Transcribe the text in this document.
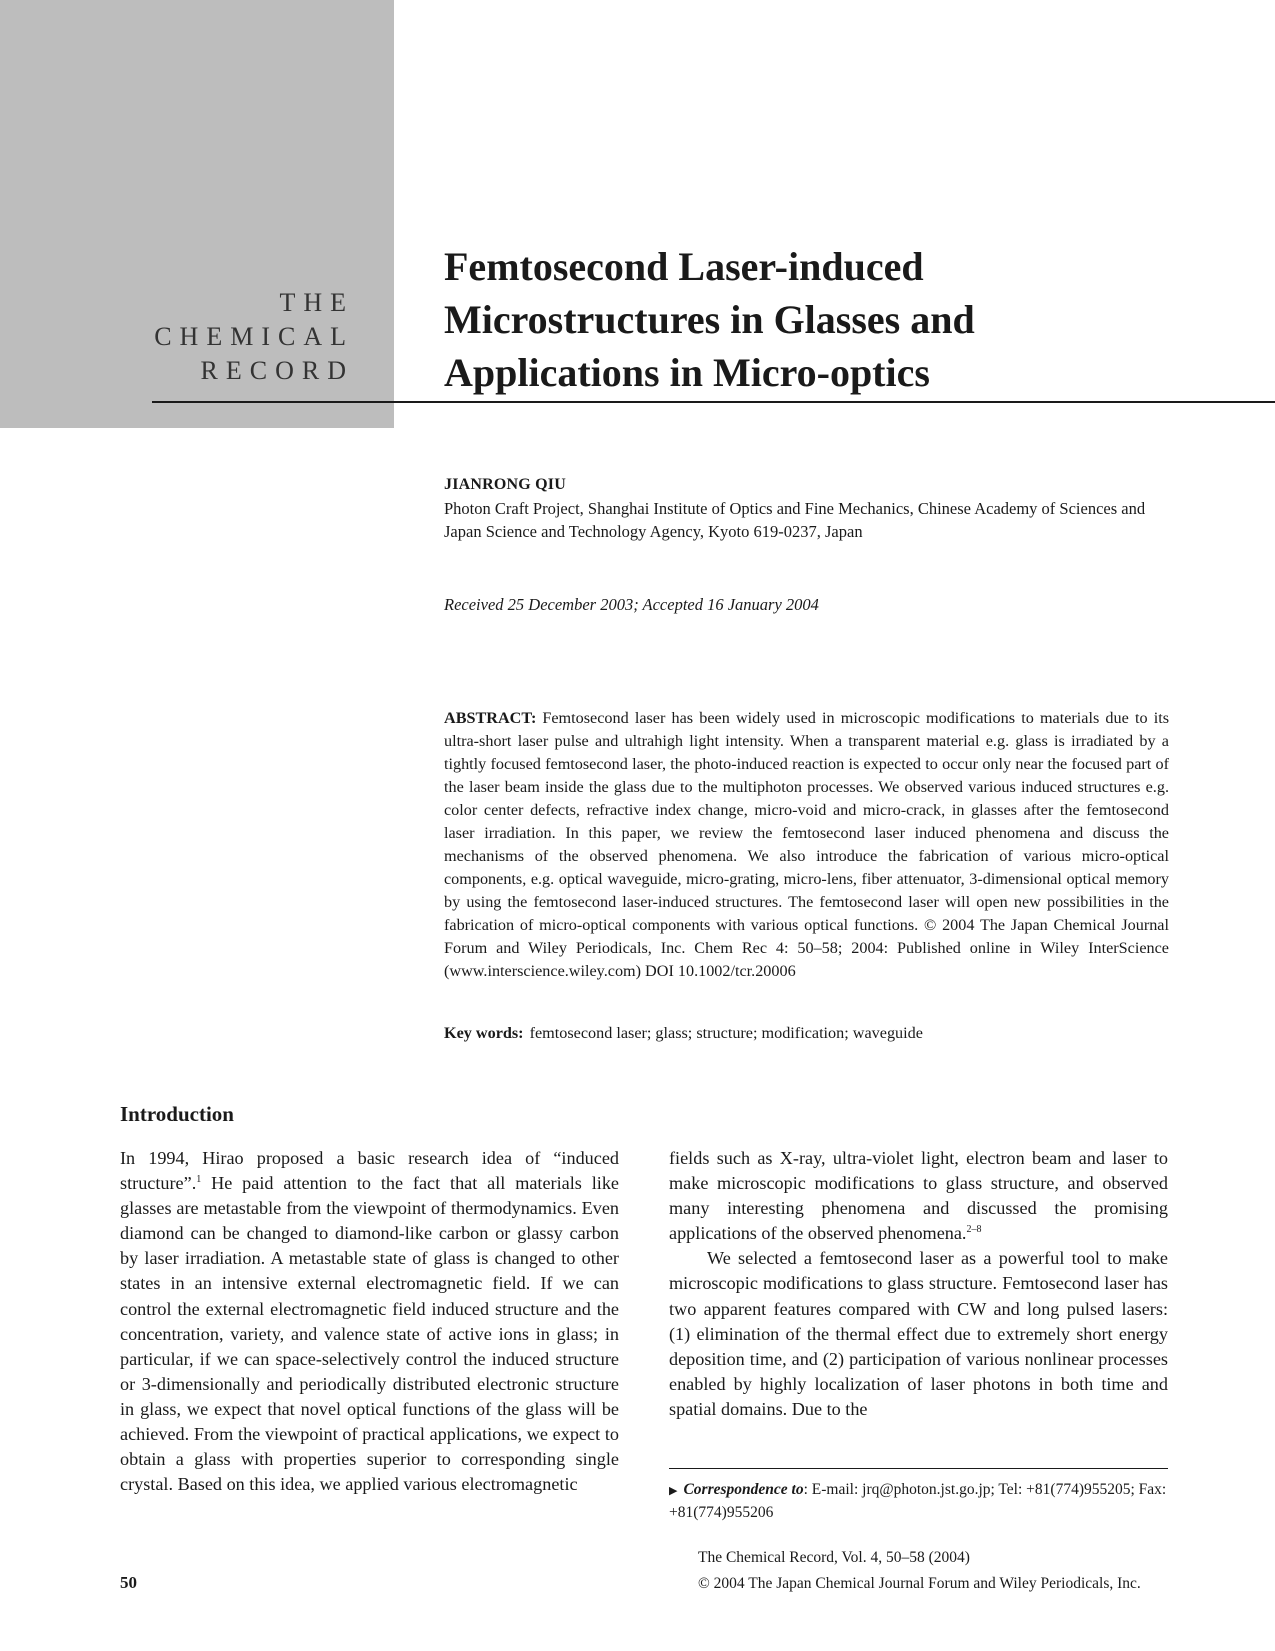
THE
CHEMICAL
RECORD
Femtosecond Laser-induced
Microstructures in Glasses and
Applications in Micro-optics
JIANRONG QIU
Photon Craft Project, Shanghai Institute of Optics and Fine Mechanics, Chinese Academy of Sciences and Japan Science and Technology Agency, Kyoto 619-0237, Japan
Received 25 December 2003; Accepted 16 January 2004
ABSTRACT: Femtosecond laser has been widely used in microscopic modifications to materials due to its ultra-short laser pulse and ultrahigh light intensity. When a transparent material e.g. glass is irradiated by a tightly focused femtosecond laser, the photo-induced reaction is expected to occur only near the focused part of the laser beam inside the glass due to the multiphoton processes. We observed various induced structures e.g. color center defects, refractive index change, micro-void and micro-crack, in glasses after the femtosecond laser irradiation. In this paper, we review the femtosecond laser induced phenomena and discuss the mechanisms of the observed phenomena. We also introduce the fabrication of various micro-optical components, e.g. optical waveguide, micro-grating, micro-lens, fiber attenuator, 3-dimensional optical memory by using the femtosecond laser-induced structures. The femtosecond laser will open new possibilities in the fabrication of micro-optical components with various optical functions. © 2004 The Japan Chemical Journal Forum and Wiley Periodicals, Inc. Chem Rec 4: 50–58; 2004: Published online in Wiley InterScience (www.interscience.wiley.com) DOI 10.1002/tcr.20006
Key words: femtosecond laser; glass; structure; modification; waveguide
Introduction

In 1994, Hirao proposed a basic research idea of “induced structure”.$^1$ He paid attention to the fact that all materials like glasses are metastable from the viewpoint of thermodynamics. Even diamond can be changed to diamond-like carbon or glassy carbon by laser irradiation. A metastable state of glass is changed to other states in an intensive external electromagnetic field. If we can control the external electromagnetic field induced structure and the concentration, variety, and valence state of active ions in glass; in particular, if we can space-selectively control the induced structure or 3-dimensionally and periodically distributed electronic structure in glass, we expect that novel optical functions of the glass will be achieved. From the viewpoint of practical applications, we expect to obtain a glass with properties superior to corresponding single crystal. Based on this idea, we applied various electromagnetic

fields such as X-ray, ultra-violet light, electron beam and laser to make microscopic modifications to glass structure, and observed many interesting phenomena and discussed the promising applications of the observed phenomena.$^{2-8}$

We selected a femtosecond laser as a powerful tool to make microscopic modifications to glass structure. Femtosecond laser has two apparent features compared with CW and long pulsed lasers: (1) elimination of the thermal effect due to extremely short energy deposition time, and (2) participation of various nonlinear processes enabled by highly localization of laser photons in both time and spatial domains. Due to the

▶ Correspondence to: E-mail: jrq@photon.jst.go.jp; Tel: +81(774)955205; Fax: +81(774)955206
The Chemical Record, Vol. 4, 50–58 (2004)
© 2004 The Japan Chemical Journal Forum and Wiley Periodicals, Inc.
50
